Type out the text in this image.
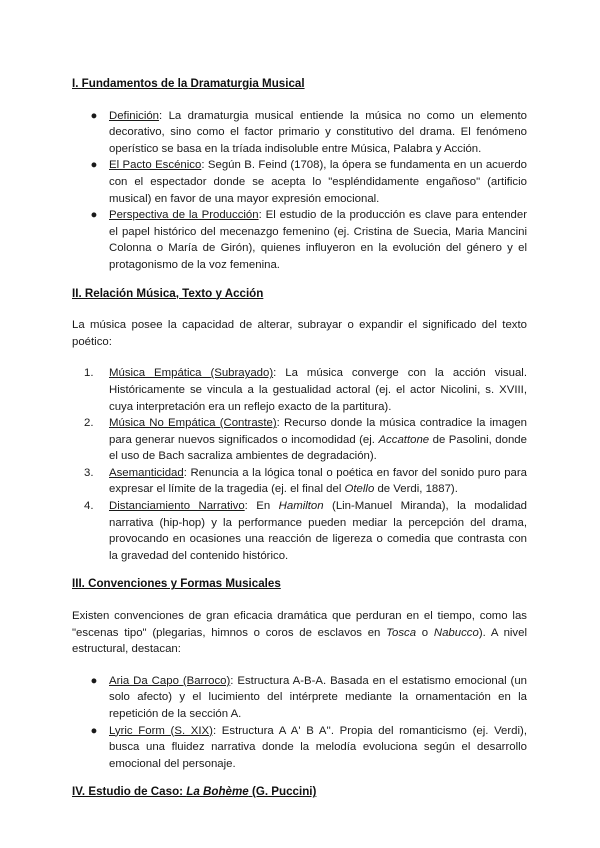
I. Fundamentos de la Dramaturgia Musical

● Definición: La dramaturgia musical entiende la música no como un elemento decorativo, sino como el factor primario y constitutivo del drama. El fenómeno operístico se basa en la tríada indisoluble entre Música, Palabra y Acción.
● El Pacto Escénico: Según B. Feind (1708), la ópera se fundamenta en un acuerdo con el espectador donde se acepta lo "espléndidamente engañoso" (artificio musical) en favor de una mayor expresión emocional.
● Perspectiva de la Producción: El estudio de la producción es clave para entender el papel histórico del mecenazgo femenino (ej. Cristina de Suecia, Maria Mancini Colonna o María de Girón), quienes influyeron en la evolución del género y el protagonismo de la voz femenina.

II. Relación Música, Texto y Acción

La música posee la capacidad de alterar, subrayar o expandir el significado del texto poético:

1.	Música Empática (Subrayado): La música converge con la acción visual. Históricamente se vincula a la gestualidad actoral (ej. el actor Nicolini, s. XVIII, cuya interpretación era un reflejo exacto de la partitura).
2.	Música No Empática (Contraste): Recurso donde la música contradice la imagen para generar nuevos significados o incomodidad (ej. Accattone de Pasolini, donde el uso de Bach sacraliza ambientes de degradación).
3.	Asemanticidad: Renuncia a la lógica tonal o poética en favor del sonido puro para expresar el límite de la tragedia (ej. el final del Otello de Verdi, 1887).
4.	Distanciamiento Narrativo: En Hamilton (Lin-Manuel Miranda), la modalidad narrativa (hip-hop) y la performance pueden mediar la percepción del drama, provocando en ocasiones una reacción de ligereza o comedia que contrasta con la gravedad del contenido histórico.

III. Convenciones y Formas Musicales

Existen convenciones de gran eficacia dramática que perduran en el tiempo, como las "escenas tipo" (plegarias, himnos o coros de esclavos en Tosca o Nabucco). A nivel estructural, destacan:

● Aria Da Capo (Barroco): Estructura A-B-A. Basada en el estatismo emocional (un solo afecto) y el lucimiento del intérprete mediante la ornamentación en la repetición de la sección A.
● Lyric Form (S. XIX): Estructura A A' B A''. Propia del romanticismo (ej. Verdi), busca una fluidez narrativa donde la melodía evoluciona según el desarrollo emocional del personaje.

IV. Estudio de Caso: La Bohème (G. Puccini)
